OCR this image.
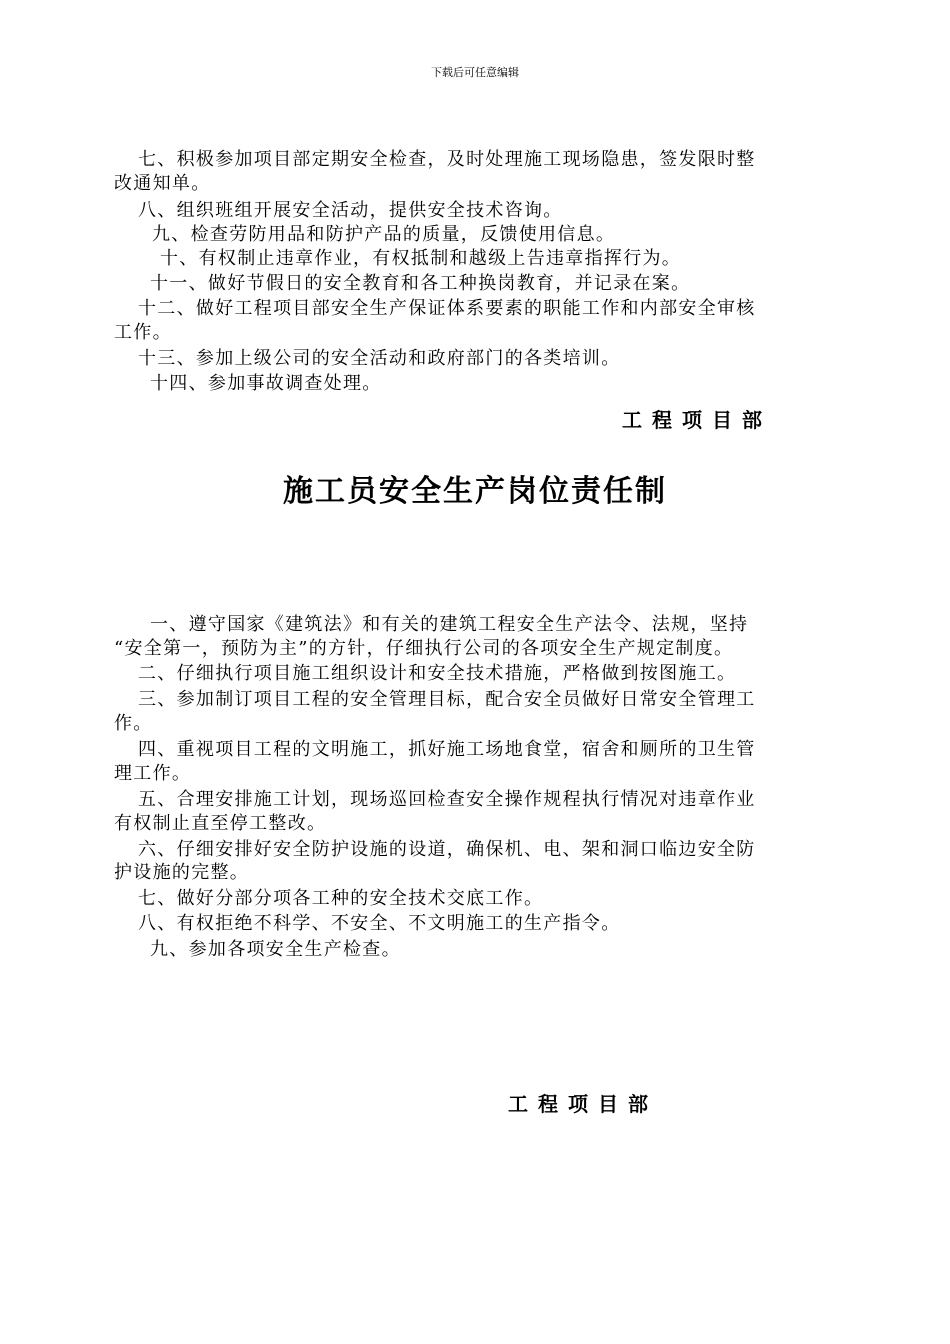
下载后可任意编辑
七、积极参加项目部定期安全检查，及时处理施工现场隐患，签发限时整
改通知单。
八、组织班组开展安全活动，提供安全技术咨询。
九、检查劳防用品和防护产品的质量，反馈使用信息。
十、有权制止违章作业，有权抵制和越级上告违章指挥行为。
十一、做好节假日的安全教育和各工种换岗教育，并记录在案。
十二、做好工程项目部安全生产保证体系要素的职能工作和内部安全审核
工作。
十三、参加上级公司的安全活动和政府部门的各类培训。
十四、参加事故调查处理。
工程项目部
施工员安全生产岗位责任制
一、遵守国家《建筑法》和有关的建筑工程安全生产法令、法规，坚持
“安全第一，预防为主”的方针，仔细执行公司的各项安全生产规定制度。
二、仔细执行项目施工组织设计和安全技术措施，严格做到按图施工。
三、参加制订项目工程的安全管理目标，配合安全员做好日常安全管理工
作。
四、重视项目工程的文明施工，抓好施工场地食堂，宿舍和厕所的卫生管
理工作。
五、合理安排施工计划，现场巡回检查安全操作规程执行情况对违章作业
有权制止直至停工整改。
六、仔细安排好安全防护设施的设道，确保机、电、架和洞口临边安全防
护设施的完整。
七、做好分部分项各工种的安全技术交底工作。
八、有权拒绝不科学、不安全、不文明施工的生产指令。
九、参加各项安全生产检查。
工程项目部
